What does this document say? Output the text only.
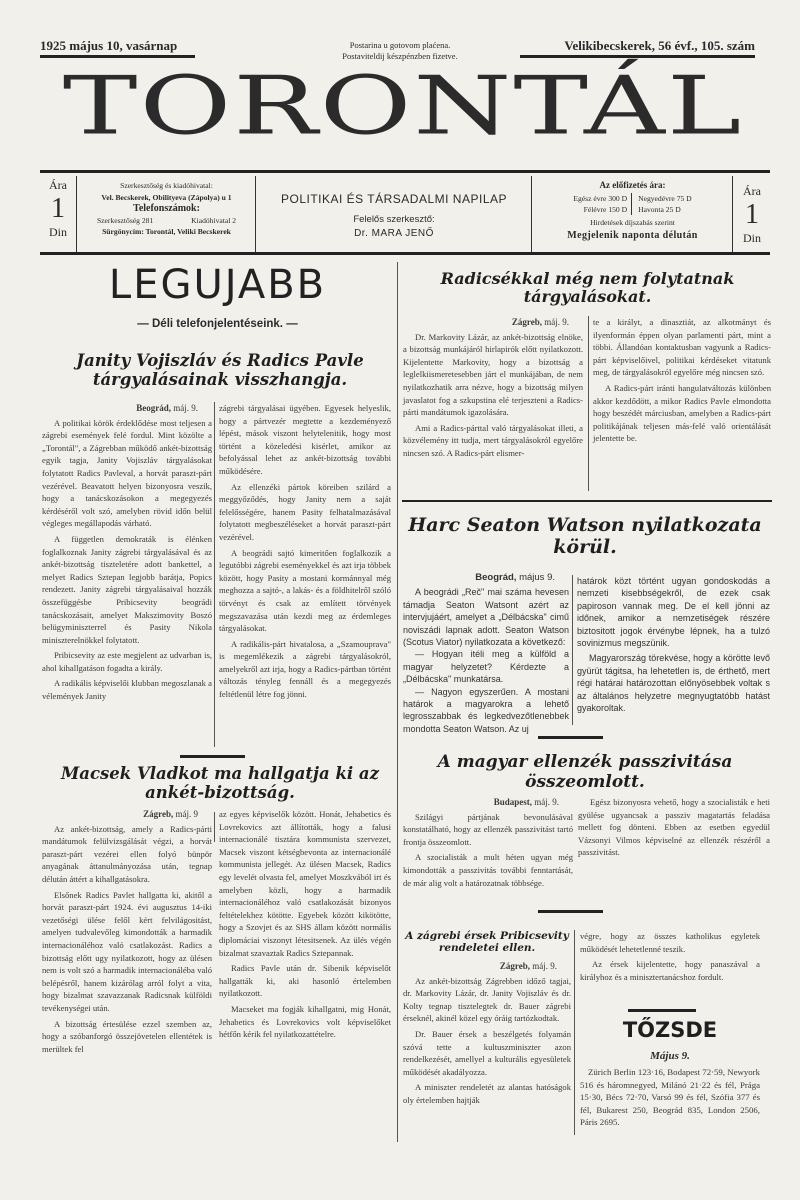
1925 május 10, vasárnap	Postarina u gotovom plaćena.
Postaviteldij készpénzben fizetve.
Velikibecskerek, 56 évf., 105. szám
TORONTÁL
Ára
1
Din
Szerkesztőség és kiadóhivatal:
Vel. Becskerek, Obilityeva (Zápolya) u 1
Telefonszámok:
Szerkesztőség 281	Kiadóhivatal 2
Sürgönycím: Torontál, Veliki Becskerek
POLITIKAI ÉS TÁRSADALMI NAPILAP
Felelős szerkesztő:
Dr. MARA JENŐ
Az előfizetés ára:
Egész évre 300 D
Félévre 150 D
Negyedévre 75 D
Havonta 25 D
Hirdetések díjszabás szerint
Megjelenik naponta délután
Ára
1
Din
LEGUJABB
— Déli telefonjelentéseink. —
Janity Vojiszláv és Radics Pavle tárgyalásainak visszhangja.
Beográd, máj. 9.

A politikai körök érdeklődése most teljesen a zágrebi események felé fordul. Mint közölte a „Torontál", a Zágrebban működő ankét-bizottság egyik tagja, Janity Vojiszláv tárgyalásokat folytatott Radics Pavleval, a horvát paraszt-párt vezérével. Beavatott helyen bizonyosra veszik, hogy a tanácskozásokon a megegyezés kérdéséről volt szó, amelyben rövid időn belül végleges megállapodás várható.

A független demokraták is élénken foglalkoznak Janity zágrebi tárgyalásával és az ankét-bizottság tiszteletére adott bankettel, a melyet Radics Sztepan legjobb barátja, Popics rendezett. Janity zágrebi tárgyalásaival hozzák összefüggésbe Pribicsevity beográdi tanácskozásait, amelyet Makszimovity Boszó belügyminiszterrel és Pasity Nikola miniszterelnökkel folytatott.

Pribicsevity az este megjelent az udvarban is, ahol kihallgatáson fogadta a király.

A radikális képviselői klubban megoszlanak a vélemények Janity

zágrebi tárgyalásai ügyében. Egyesek helyeslik, hogy a pártvezér megtette a kezdeményező lépést, mások viszont helytelenitik, hogy most történt a közeledési kisérlet, amikor az befolyással lehet az ankét-bizottság további működésére.

Az ellenzéki pártok köreiben szilárd a meggyőződés, hogy Janity nem a saját felelősségére, hanem Pasity felhatalmazásával folytatott megbeszéléseket a horvát paraszt-párt vezérével.

A beográdi sajtó kimeritően foglalkozik a legutóbbi zágrebi eseményekkel és azt irja többek között, hogy Pasity a mostani kormánnyal még meghozza a sajtó-, a lakás- és a földhitelről szóló törvényt és csak az említett törvények megszavazása után kezdi meg az érdemleges tárgyalásokat.

A radikális-párt hivatalosa, a „Szamoupravа" is megemlékezik a zágrebi tárgyalásokról, amelyekről azt irja, hogy a Radics-pártban történt változás tényleg fennáll és a megegyezés feltétlenül létre fog jönni.

Macsek Vladkot ma hallgatja ki az ankét-bizottság.
Zágreb, máj. 9

Az ankét-bizottság, amely a Radics-párti mandátumok felülvizsgálását végzi, a horvát paraszt-párt vezérei ellen folyó bünpör anyagának áttanulmányozása után, tegnap délután áttért a kihallgatásokra.

Elsőnek Radics Pavlet hallgatta ki, akitől a horvát paraszt-párt 1924. évi augusztus 14-iki vezetőségi ülése felől kért felvilágositást, amelyen tudvalevőleg kimondották a harmadik internacionáléhoz való csatlakozást. Radics a bizottság előtt ugy nyilatkozott, hogy az ülésen nem is volt szó a harmadik internacionáléba való belépésről, hanem kizárólag arról folyt a vita, hogy bizalmat szavazzanak Radicsnak külföldi tevékenységei után.

A bizottság értesülése ezzel szemben az, hogy a szóbanforgó összejövetelen ellentétek is merültek fel

az egyes képviselők között. Honát, Jehabetics és Lovrekovics azt állították, hogy a falusi internacionálé tisztára kommunista szervezet, Macsek viszont kétségbevonta az internacionálé kommunista jellegét. Az ülésen Macsek, Radics egy levelét olvasta fel, amelyet Moszkvából irt és amelyben közli, hogy a harmadik internacionáléhoz való csatlakozását bizonyos feltételekhez kötötte. Egyebek között kikötötte, hogy a Szovjet és az SHS állam között normális diplomáciai viszonyt létesitsenek. Az ülés végén bizalmat szavaztak Radics Sztepannak.

Radics Pavle után dr. Sibenik képviselőt hallgatták ki, aki hasonló értelemben nyilatkozott.

Macseket ma fogják kihallgatni, mig Honát, Jehabetics és Lovrekovics volt képviselőket hétfőn kérik fel nyilatkozattételre.

Radicsékkal még nem folytatnak tárgyalásokat.
Zágreb, máj. 9.

Dr. Markovity Lázár, az ankét-bizottság elnöke, a bizottság munkájáról hirlapirók előtt nyilatkozott. Kijelentette Markovity, hogy a bizottság a leglelkiismeretesebben járt el munkájában, de nem nyilatkozhatik arra nézve, hogy a bizottság milyen javaslatot fog a szkupstina elé terjeszteni a Radics-párti mandátumok igazolására.

Ami a Radics-párttal való tárgyalásokat illeti, a közvélemény itt tudja, mert tárgyalásokról egyelőre nincsen szó. A Radics-párt elismer-

te a királyt, a dinasztiát, az alkotmányt és ilyenformán éppen olyan parlamenti párt, mint a többi. Állandóan kontaktusban vagyunk a Radics-párt képviselőivel, politikai kérdéseket vitatunk meg, de tárgyalásokról egyelőre még nincsen szó.

A Radics-párt iránti hangulatváltozás különben akkor kezdődött, a mikor Radics Pavle elmondotta hogy beszédét márciusban, amelyben a Radics-párt politikájának teljesen más-felé való orientálását jelentette be.

Harc Seaton Watson nyilatkozata körül.
Beográd, május 9.

A beográdi „Reč" mai száma hevesen támadja Seaton Watsont azért az intervjujáért, amelyet a „Délbácska" cimű noviszádi lapnak adott. Seaton Watson (Scotus Viator) nyilatkozata a következő:

— Hogyan itéli meg a külföld a magyar helyzetet? Kérdezte a „Délbácska" munkatársa.

— Nagyon egyszerűen. A mostani határok a magyarokra a lehető legrosszabbak és legkedvezőtlenebbek mondotta Seaton Watson. Az uj

határok közt történt ugyan gondoskodás a nemzeti kisebbségekről, de ezek csak papiroson vannak meg. De el kell jönni az időnek, amikor a nemzetiségek részére biztositott jogok érvénybe lépnek, ha a tulzó sovinizmus megszünik.

Magyarország törekvése, hogy a körötte levő gyürüt tágitsa, ha lehetetlen is, de érthető, mert régi határai határozottan előnyösebbek voltak s az általános helyzetre megnyugtatóbb hatást gyakoroltak.

A magyar ellenzék passzivitása összeomlott.
Budapest, máj. 9.

Szilágyi pártjának bevonulásával konstatálható, hogy az ellenzék passzivitást tartó frontja összeomlott.

A szocialisták a mult héten ugyan még kimondották a passzivitás további fenntartását, de már alig volt a határozatnak többsége.

Egész bizonyosra vehető, hogy a szocialisták e heti gyülése ugyancsak a passziv magatartás feladása mellett fog dönteni. Ebben az esetben egyedül Vázsonyi Vilmos képviselné az ellenzék részéről a passzivitást.

A zágrebi érsek Pribicsevity rendeletei ellen.
Zágreb, máj. 9.

Az ankét-bizottság Zágrebben időző tagjai, dr. Markovity Lázár, dr. Janity Vojiszláv és dr. Kolty tegnap tisztelegtek dr. Bauer zágrebi érseknél, akinél közel egy óráig tartózkodtak.

Dr. Bauer érsek a beszélgetés folyamán szóvá tette a kultuszminiszter azon rendelkezését, amellyel a kulturális egyesületek működését akadályozza.

A miniszter rendeletét az alantas hatóságok oly értelemben hajtják

végre, hogy az összes katholikus egyletek működését lehetetlenné teszik.

Az érsek kijelentette, hogy panaszával a királyhoz és a minisztertanácshoz fordult.

TŐZSDE
Május 9.

Zürich Berlin 123·16, Bodapest 72·59, Newyork 516 és háromnegyed, Milánó 21·22 és fél, Prága 15·30, Bécs 72·70, Varsó 99 és fél, Szófia 377 és fél, Bukarest 250, Beográd 835, London 2506, Páris 2695.
